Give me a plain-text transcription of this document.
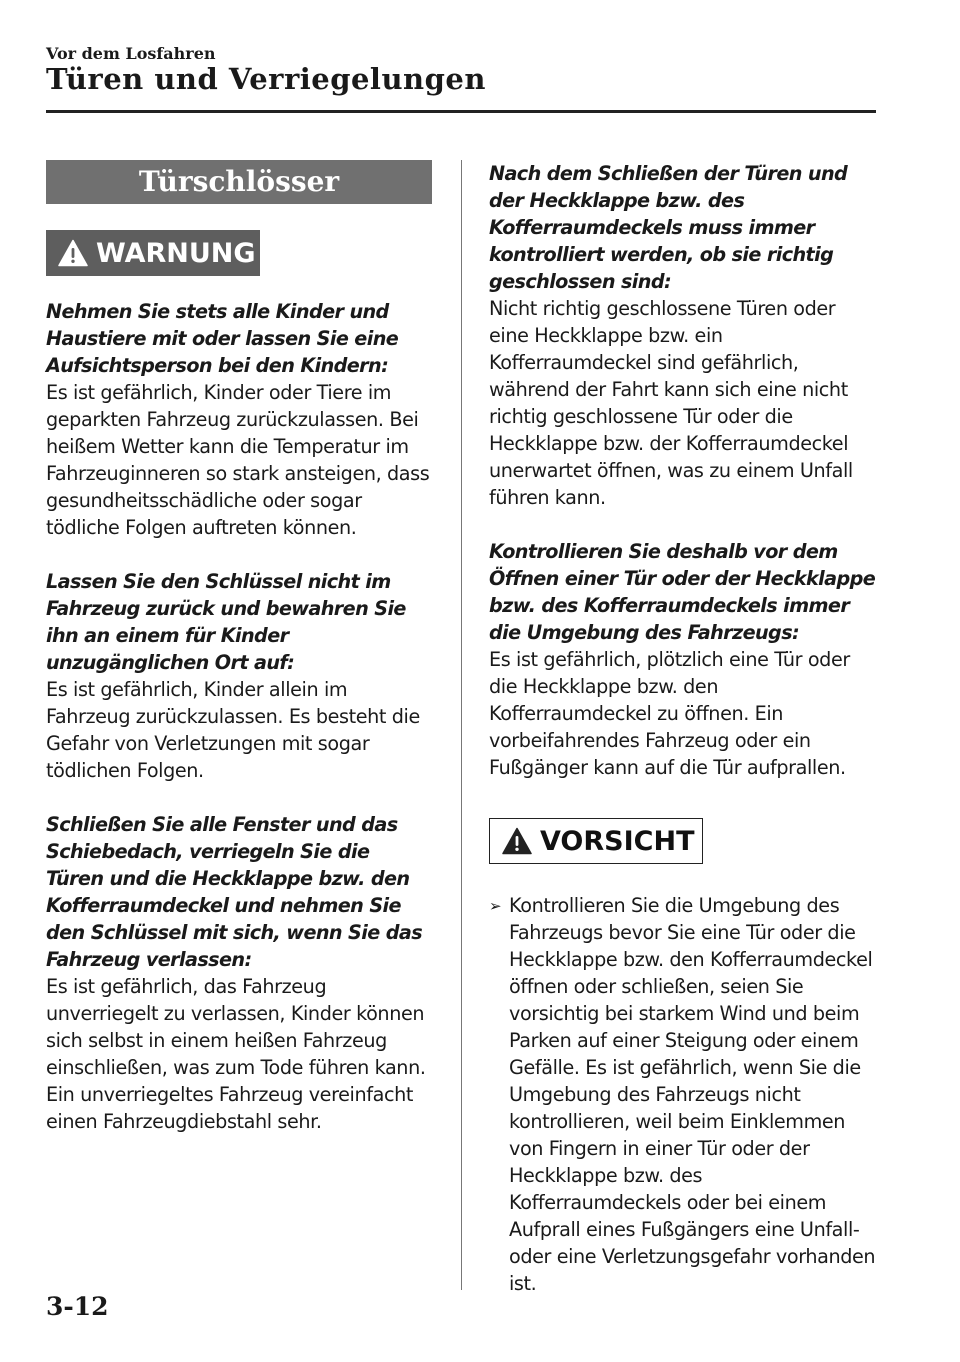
Vor dem Losfahren
Türen und Verriegelungen
Türschlösser
WARNUNG
Nehmen Sie stets alle Kinder und Haustiere mit oder lassen Sie eine Aufsichtsperson bei den Kindern:
Es ist gefährlich, Kinder oder Tiere im geparkten Fahrzeug zurückzulassen. Bei heißem Wetter kann die Temperatur im Fahrzeuginneren so stark ansteigen, dass gesundheitsschädliche oder sogar tödliche Folgen auftreten können.
Lassen Sie den Schlüssel nicht im Fahrzeug zurück und bewahren Sie ihn an einem für Kinder unzugänglichen Ort auf:
Es ist gefährlich, Kinder allein im Fahrzeug zurückzulassen. Es besteht die Gefahr von Verletzungen mit sogar tödlichen Folgen.
Schließen Sie alle Fenster und das Schiebedach, verriegeln Sie die Türen und die Heckklappe bzw. den Kofferraumdeckel und nehmen Sie den Schlüssel mit sich, wenn Sie das Fahrzeug verlassen:
Es ist gefährlich, das Fahrzeug unverriegelt zu verlassen, Kinder können sich selbst in einem heißen Fahrzeug einschließen, was zum Tode führen kann. Ein unverriegeltes Fahrzeug vereinfacht einen Fahrzeugdiebstahl sehr.
Nach dem Schließen der Türen und der Heckklappe bzw. des Kofferraumdeckels muss immer kontrolliert werden, ob sie richtig geschlossen sind:
Nicht richtig geschlossene Türen oder eine Heckklappe bzw. ein Kofferraumdeckel sind gefährlich, während der Fahrt kann sich eine nicht richtig geschlossene Tür oder die Heckklappe bzw. der Kofferraumdeckel unerwartet öffnen, was zu einem Unfall führen kann.
Kontrollieren Sie deshalb vor dem Öffnen einer Tür oder der Heckklappe bzw. des Kofferraumdeckels immer die Umgebung des Fahrzeugs:
Es ist gefährlich, plötzlich eine Tür oder die Heckklappe bzw. den Kofferraumdeckel zu öffnen. Ein vorbeifahrendes Fahrzeug oder ein Fußgänger kann auf die Tür aufprallen.
VORSICHT
➢ Kontrollieren Sie die Umgebung des Fahrzeugs bevor Sie eine Tür oder die Heckklappe bzw. den Kofferraumdeckel öffnen oder schließen, seien Sie vorsichtig bei starkem Wind und beim Parken auf einer Steigung oder einem Gefälle. Es ist gefährlich, wenn Sie die Umgebung des Fahrzeugs nicht kontrollieren, weil beim Einklemmen von Fingern in einer Tür oder der Heckklappe bzw. des Kofferraumdeckels oder bei einem Aufprall eines Fußgängers eine Unfall- oder eine Verletzungsgefahr vorhanden ist.
3-12
